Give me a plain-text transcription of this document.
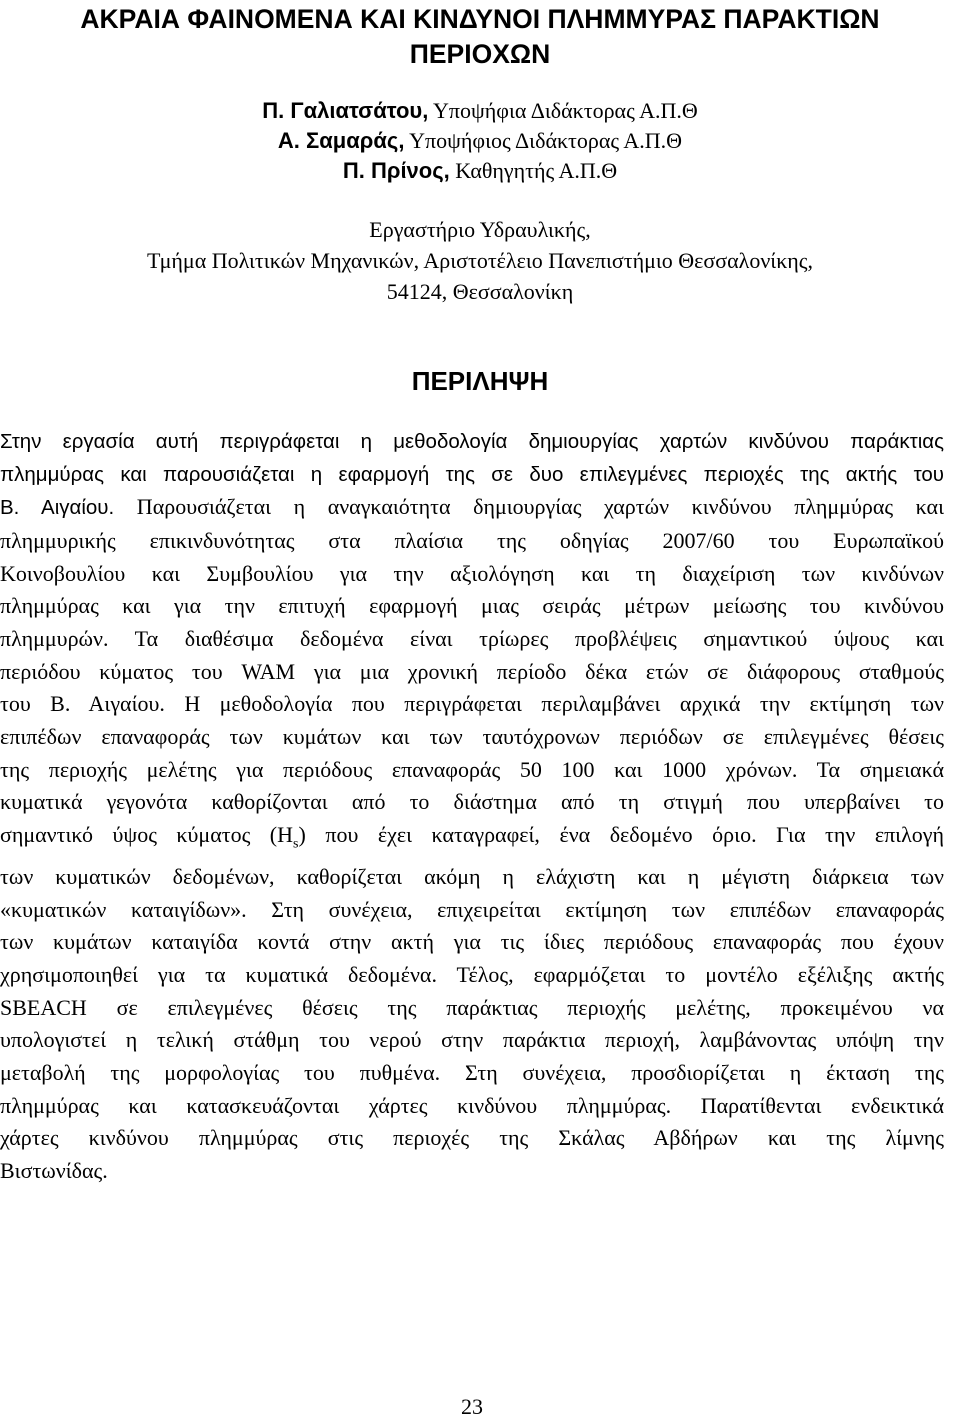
ΑΚΡΑΙΑ ΦΑΙΝΟΜΕΝΑ ΚΑΙ ΚΙΝΔΥΝΟΙ ΠΛΗΜΜΥΡΑΣ ΠΑΡΑΚΤΙΩΝ
ΠΕΡΙΟΧΩΝ
Π. Γαλιατσάτου, Υποψήφια Διδάκτορας Α.Π.Θ
Α. Σαμαράς, Υποψήφιος Διδάκτορας Α.Π.Θ
Π. Πρίνος, Καθηγητής Α.Π.Θ
Εργαστήριο Υδραυλικής,
Τμήμα Πολιτικών Μηχανικών, Αριστοτέλειο Πανεπιστήμιο Θεσσαλονίκης,
54124, Θεσσαλονίκη
ΠΕΡΙΛΗΨΗ
Στην εργασία αυτή περιγράφεται η μεθοδολογία δημιουργίας χαρτών κινδύνου παράκτιας
πλημμύρας και παρουσιάζεται η εφαρμογή της σε δυο επιλεγμένες περιοχές της ακτής του
Β. Αιγαίου. Παρουσιάζεται η αναγκαιότητα δημιουργίας χαρτών κινδύνου πλημμύρας και
πλημμυρικής επικινδυνότητας στα πλαίσια της οδηγίας 2007/60 του Ευρωπαϊκού
Κοινοβουλίου και Συμβουλίου για την αξιολόγηση και τη διαχείριση των κινδύνων
πλημμύρας και για την επιτυχή εφαρμογή μιας σειράς μέτρων μείωσης του κινδύνου
πλημμυρών. Τα διαθέσιμα δεδομένα είναι τρίωρες προβλέψεις σημαντικού ύψους και
περιόδου κύματος του WAM για μια χρονική περίοδο δέκα ετών σε διάφορους σταθμούς
του Β. Αιγαίου. Η μεθοδολογία που περιγράφεται περιλαμβάνει αρχικά την εκτίμηση των
επιπέδων επαναφοράς των κυμάτων και των ταυτόχρονων περιόδων σε επιλεγμένες θέσεις
της περιοχής μελέτης για περιόδους επαναφοράς 50 100 και 1000 χρόνων. Τα σημειακά
κυματικά γεγονότα καθορίζονται από το διάστημα από τη στιγμή που υπερβαίνει το
σημαντικό ύψος κύματος $(H_s)$ που έχει καταγραφεί, ένα δεδομένο όριο. Για την επιλογή
των κυματικών δεδομένων, καθορίζεται ακόμη η ελάχιστη και η μέγιστη διάρκεια των
«κυματικών καταιγίδων». Στη συνέχεια, επιχειρείται εκτίμηση των επιπέδων επαναφοράς
των κυμάτων καταιγίδα κοντά στην ακτή για τις ίδιες περιόδους επαναφοράς που έχουν
χρησιμοποιηθεί για τα κυματικά δεδομένα. Τέλος, εφαρμόζεται το μοντέλο εξέλιξης ακτής
SBEACH σε επιλεγμένες θέσεις της παράκτιας περιοχής μελέτης, προκειμένου να
υπολογιστεί η τελική στάθμη του νερού στην παράκτια περιοχή, λαμβάνοντας υπόψη την
μεταβολή της μορφολογίας του πυθμένα. Στη συνέχεια, προσδιορίζεται η έκταση της
πλημμύρας και κατασκευάζονται χάρτες κινδύνου πλημμύρας. Παρατίθενται ενδεικτικά
χάρτες κινδύνου πλημμύρας στις περιοχές της Σκάλας Αβδήρων και της λίμνης
Βιστωνίδας.
23
